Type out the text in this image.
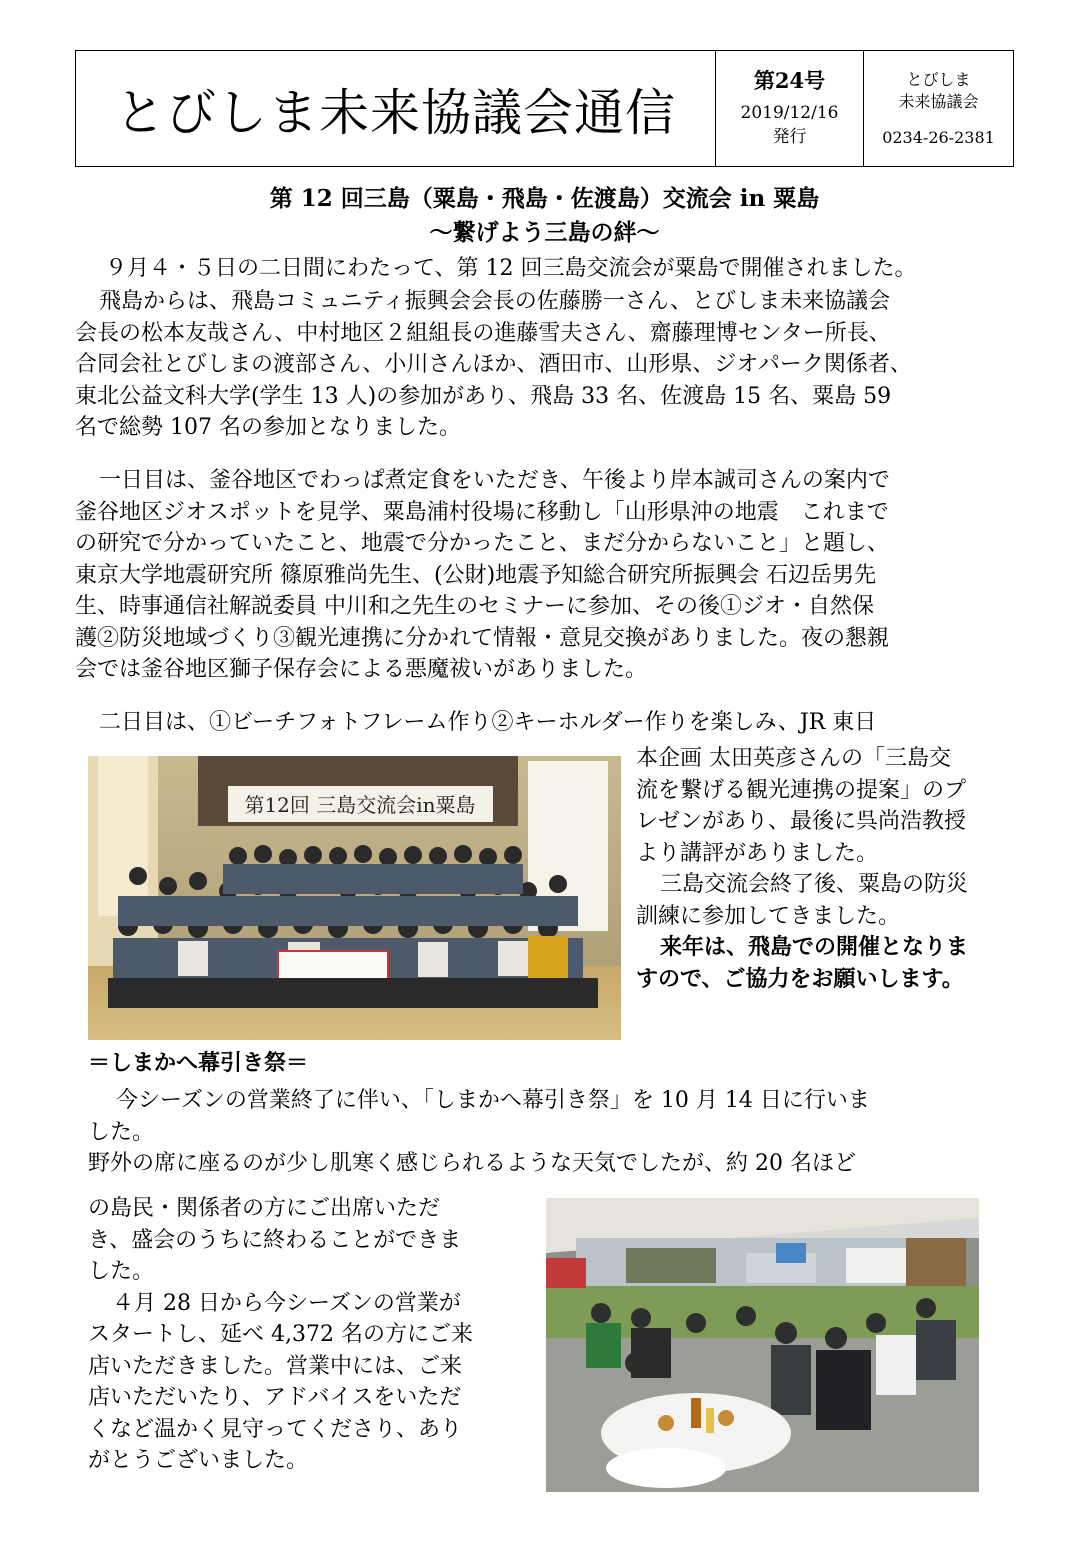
とびしま未来協議会通信
第24号
2019/12/16
発行
とびしま
未来協議会
0234-26-2381
第 12 回三島（粟島・飛島・佐渡島）交流会 in 粟島
～繋げよう三島の絆～
９月４・５日の二日間にわたって、第 12 回三島交流会が粟島で開催されました。
飛島からは、飛島コミュニティ振興会会長の佐藤勝一さん、とびしま未来協議会
会長の松本友哉さん、中村地区２組組長の進藤雪夫さん、齋藤理博センター所長、
合同会社とびしまの渡部さん、小川さんほか、酒田市、山形県、ジオパーク関係者、
東北公益文科大学(学生 13 人)の参加があり、飛島 33 名、佐渡島 15 名、粟島 59
名で総勢 107 名の参加となりました。
一日目は、釜谷地区でわっぱ煮定食をいただき、午後より岸本誠司さんの案内で
釜谷地区ジオスポットを見学、粟島浦村役場に移動し「山形県沖の地震　これまで
の研究で分かっていたこと、地震で分かったこと、まだ分からないこと」と題し、
東京大学地震研究所 篠原雅尚先生、(公財)地震予知総合研究所振興会 石辺岳男先
生、時事通信社解説委員 中川和之先生のセミナーに参加、その後①ジオ・自然保
護②防災地域づくり③観光連携に分かれて情報・意見交換がありました。夜の懇親
会では釜谷地区獅子保存会による悪魔祓いがありました。
二日目は、①ビーチフォトフレーム作り②キーホルダー作りを楽しみ、JR 東日
第12回 三島交流会in粟島
本企画 太田英彦さんの「三島交
流を繋げる観光連携の提案」のプ
レゼンがあり、最後に呉尚浩教授
より講評がありました。
三島交流会終了後、粟島の防災
訓練に参加してきました。
来年は、飛島での開催となりま
すので、ご協力をお願いします。
＝しまかへ幕引き祭＝
今シーズンの営業終了に伴い、「しまかへ幕引き祭」を 10 月 14 日に行いま
した。
野外の席に座るのが少し肌寒く感じられるような天気でしたが、約 20 名ほど
の島民・関係者の方にご出席いただ
き、盛会のうちに終わることができま
した。
４月 28 日から今シーズンの営業が
スタートし、延べ 4,372 名の方にご来
店いただきました。営業中には、ご来
店いただいたり、アドバイスをいただ
くなど温かく見守ってくださり、あり
がとうございました。
